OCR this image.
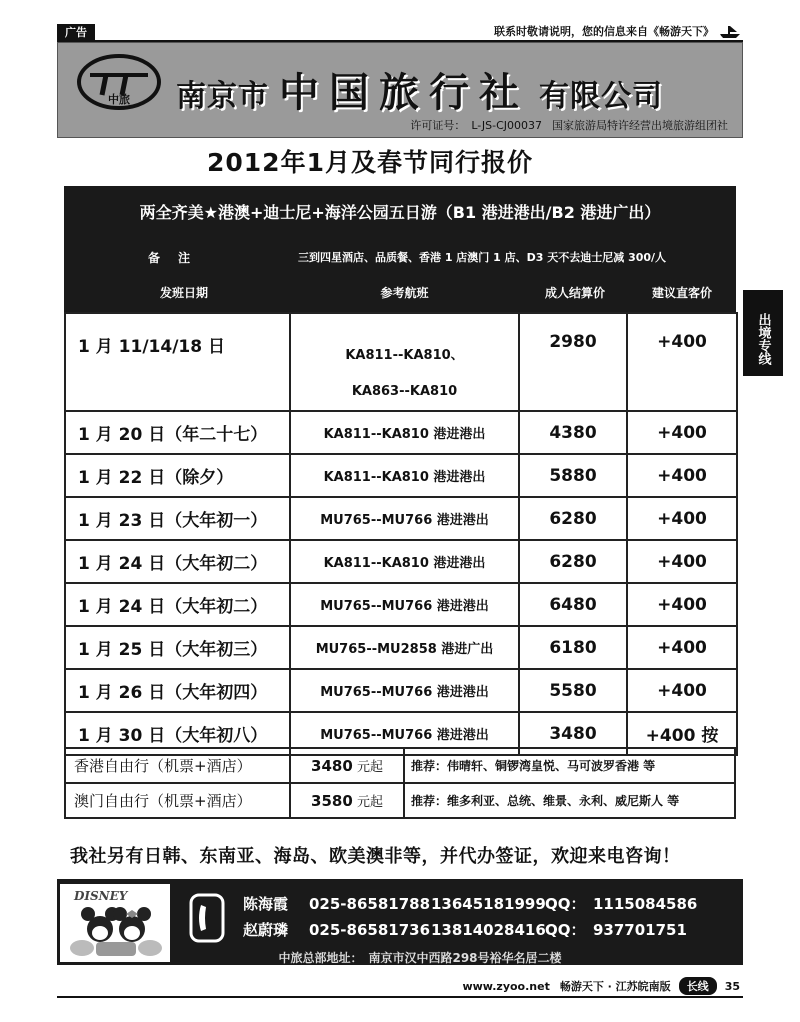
广告	联系时敬请说明，您的信息来自《畅游天下》
中旅 南京市 中国旅行社 有限公司
许可证号： L-JS-CJ00037 国家旅游局特许经营出境旅游组团社
2012年1月及春节同行报价
两全齐美★港澳+迪士尼+海洋公园五日游（B1 港进港出/B2 港进广出）
备注	三到四星酒店、品质餐、香港 1 店澳门 1 店、D3 天不去迪士尼减 300/人
发班日期	参考航班	成人结算价	建议直客价
出境专线
1 月 11/14/18 日	KA811--KA810、
KA863--KA810	2980	+400
1 月 20 日（年二十七）	KA811--KA810 港进港出	4380	+400
1 月 22 日（除夕）	KA811--KA810 港进港出	5880	+400
1 月 23 日（大年初一）	MU765--MU766 港进港出	6280	+400
1 月 24 日（大年初二）	KA811--KA810 港进港出	6280	+400
1 月 24 日（大年初二）	MU765--MU766 港进港出	6480	+400
1 月 25 日（大年初三）	MU765--MU2858 港进广出	6180	+400
1 月 26 日（大年初四）	MU765--MU766 港进港出	5580	+400
1 月 30 日（大年初八）	MU765--MU766 港进港出	3480	+400 按
香港自由行（机票+酒店）	3480 元起	推荐：伟晴轩、铜锣湾皇悦、马可波罗香港 等
澳门自由行（机票+酒店）	3580 元起	推荐：维多利亚、总统、维景、永利、威尼斯人 等
我社另有日韩、东南亚、海岛、欧美澳非等，并代办签证，欢迎来电咨询！
DISNEY	陈海霞 025-8658178813645181999QQ： 1115084586
赵蔚璘 025-8658173613814028416QQ： 937701751
中旅总部地址： 南京市汉中西路298号裕华名居二楼
www.zyoo.net 畅游天下 · 江苏皖南版	长线	35
